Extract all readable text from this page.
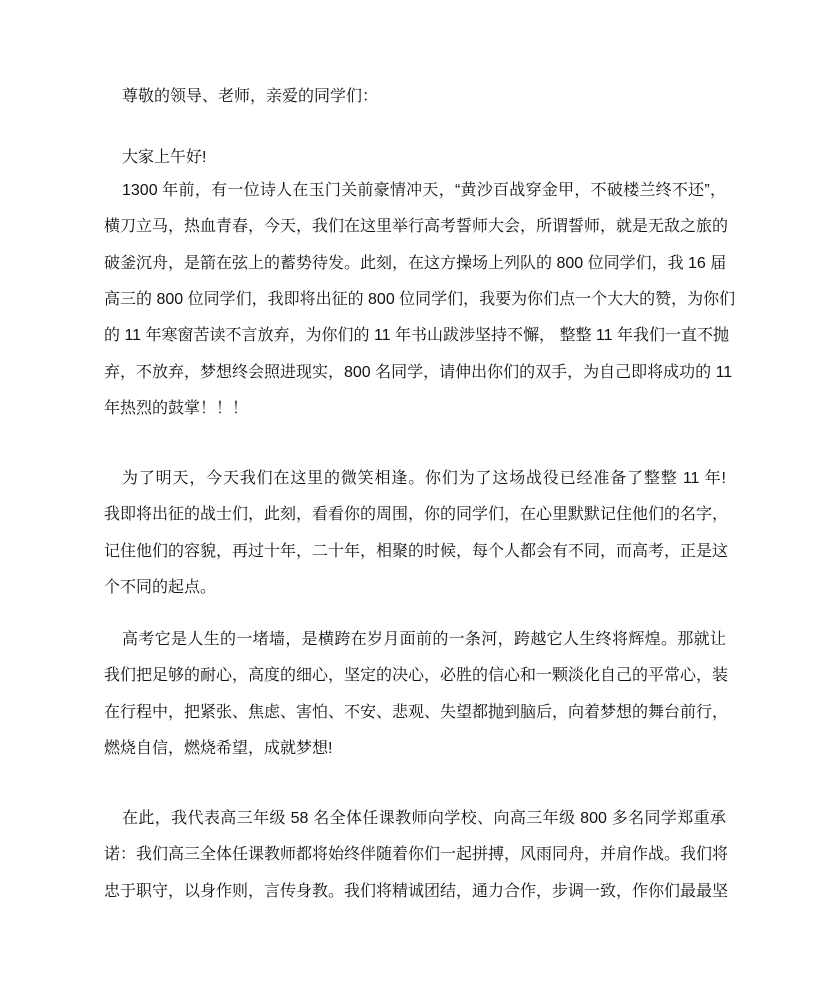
尊敬的领导、老师，亲爱的同学们：
大家上午好!
1300 年前，有一位诗人在玉门关前豪情冲天，“黄沙百战穿金甲，不破楼兰终不还”，
横刀立马，热血青春，今天，我们在这里举行高考誓师大会，所谓誓师，就是无敌之旅的
破釜沉舟，是箭在弦上的蓄势待发。此刻，在这方操场上列队的 800 位同学们，我 16 届
高三的 800 位同学们，我即将出征的 800 位同学们，我要为你们点一个大大的赞，为你们
的 11 年寒窗苦读不言放弃，为你们的 11 年书山跋涉坚持不懈， 整整 11 年我们一直不抛
弃，不放弃，梦想终会照进现实，800 名同学，请伸出你们的双手，为自己即将成功的 11
年热烈的鼓掌！！！
为了明天，今天我们在这里的微笑相逢。你们为了这场战役已经准备了整整 11 年!
我即将出征的战士们，此刻，看看你的周围，你的同学们，在心里默默记住他们的名字，
记住他们的容貌，再过十年，二十年，相聚的时候，每个人都会有不同，而高考，正是这
个不同的起点。
高考它是人生的一堵墙，是横跨在岁月面前的一条河，跨越它人生终将辉煌。那就让
我们把足够的耐心，高度的细心，坚定的决心，必胜的信心和一颗淡化自己的平常心，装
在行程中，把紧张、焦虑、害怕、不安、悲观、失望都抛到脑后，向着梦想的舞台前行，
燃烧自信，燃烧希望，成就梦想!
在此，我代表高三年级 58 名全体任课教师向学校、向高三年级 800 多名同学郑重承
诺：我们高三全体任课教师都将始终伴随着你们一起拼搏，风雨同舟，并肩作战。我们将
忠于职守，以身作则，言传身教。我们将精诚团结，通力合作，步调一致，作你们最最坚
